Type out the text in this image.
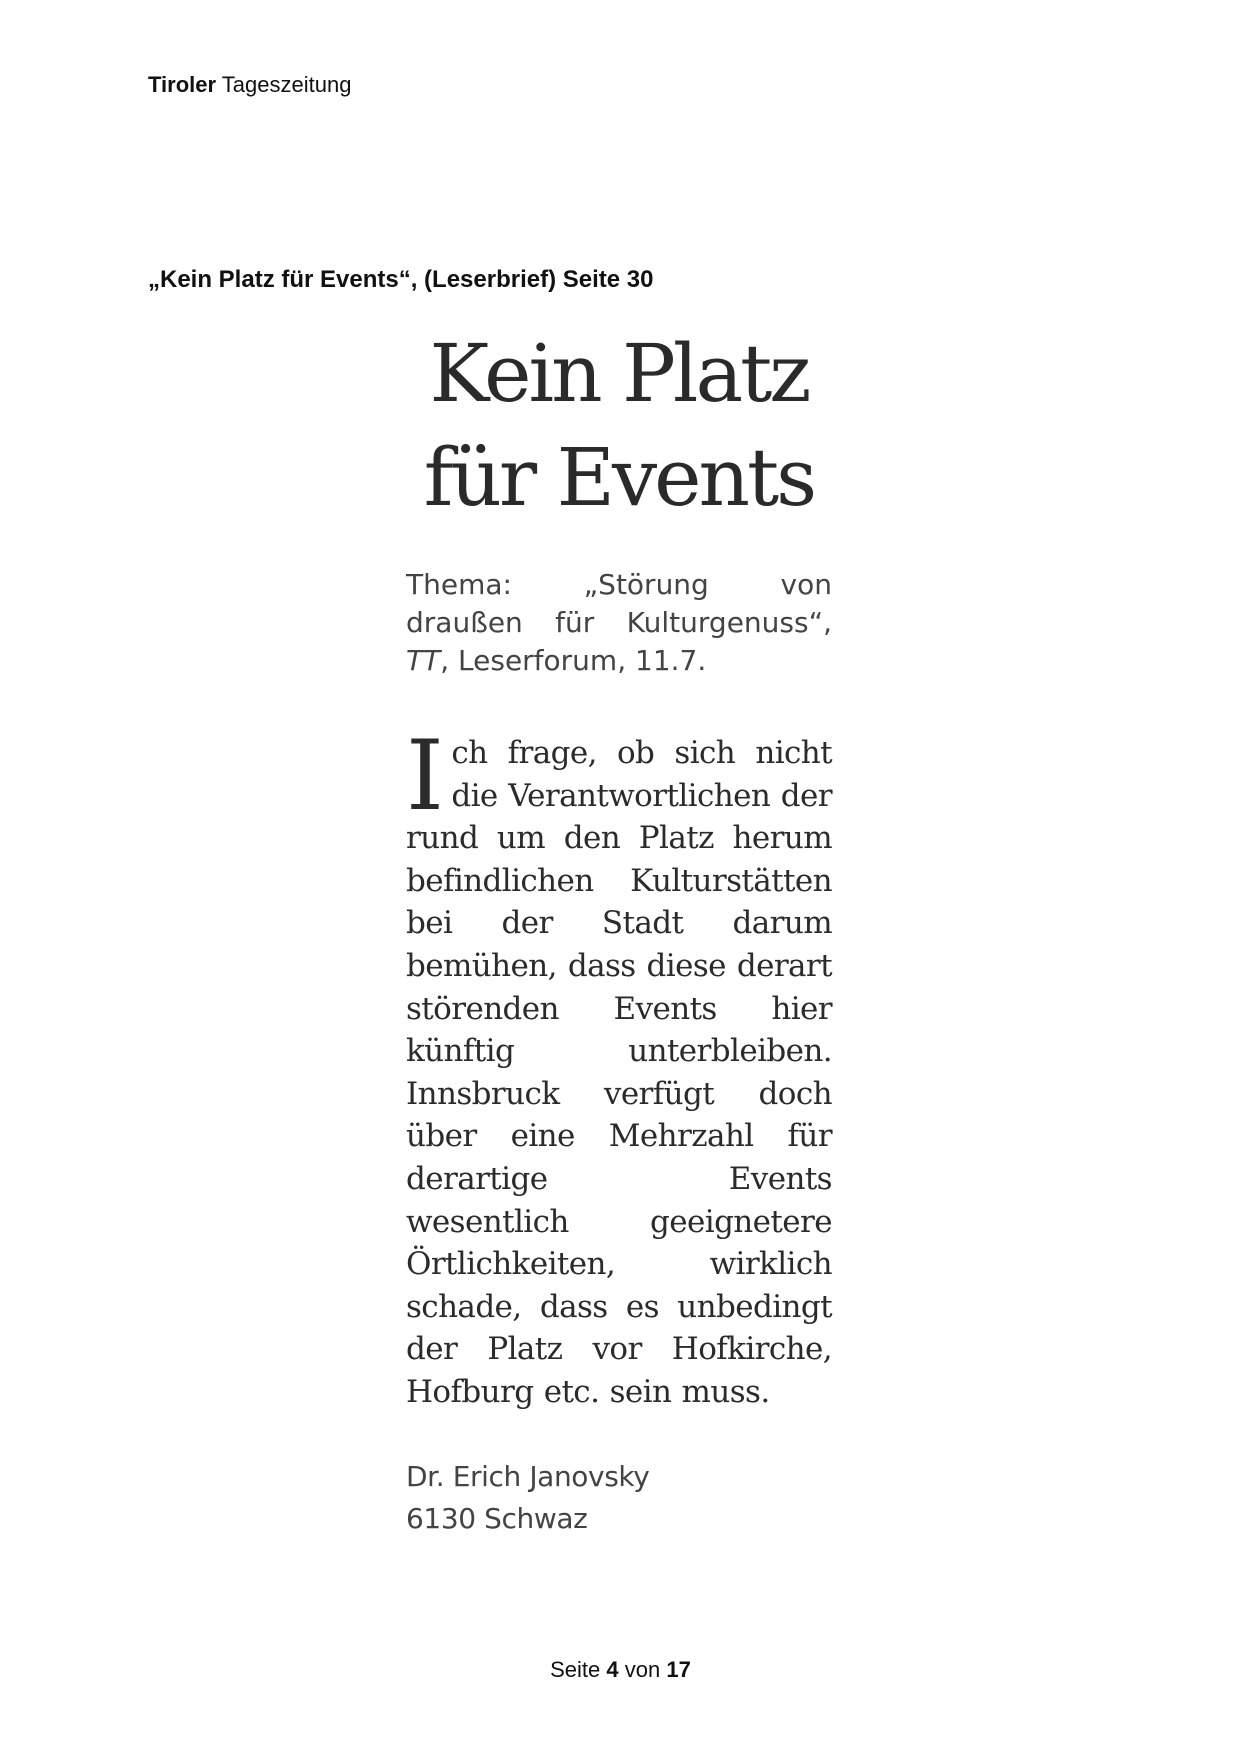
Tiroler Tageszeitung
„Kein Platz für Events“, (Leserbrief) Seite 30
Kein Platz
für Events
Thema: „Störung von draußen für Kulturgenuss“, TT, Leserforum, 11.7.
I ch frage, ob sich nicht die Verantwortlichen der rund um den Platz herum befindlichen Kulturstätten bei der Stadt darum bemühen, dass diese derart störenden Events hier künftig unterbleiben. Innsbruck verfügt doch über eine Mehrzahl für derartige Events wesentlich geeignetere Örtlichkeiten, wirklich schade, dass es unbedingt der Platz vor Hofkirche, Hofburg etc. sein muss.
Dr. Erich Janovsky
6130 Schwaz
Seite 4 von 17
